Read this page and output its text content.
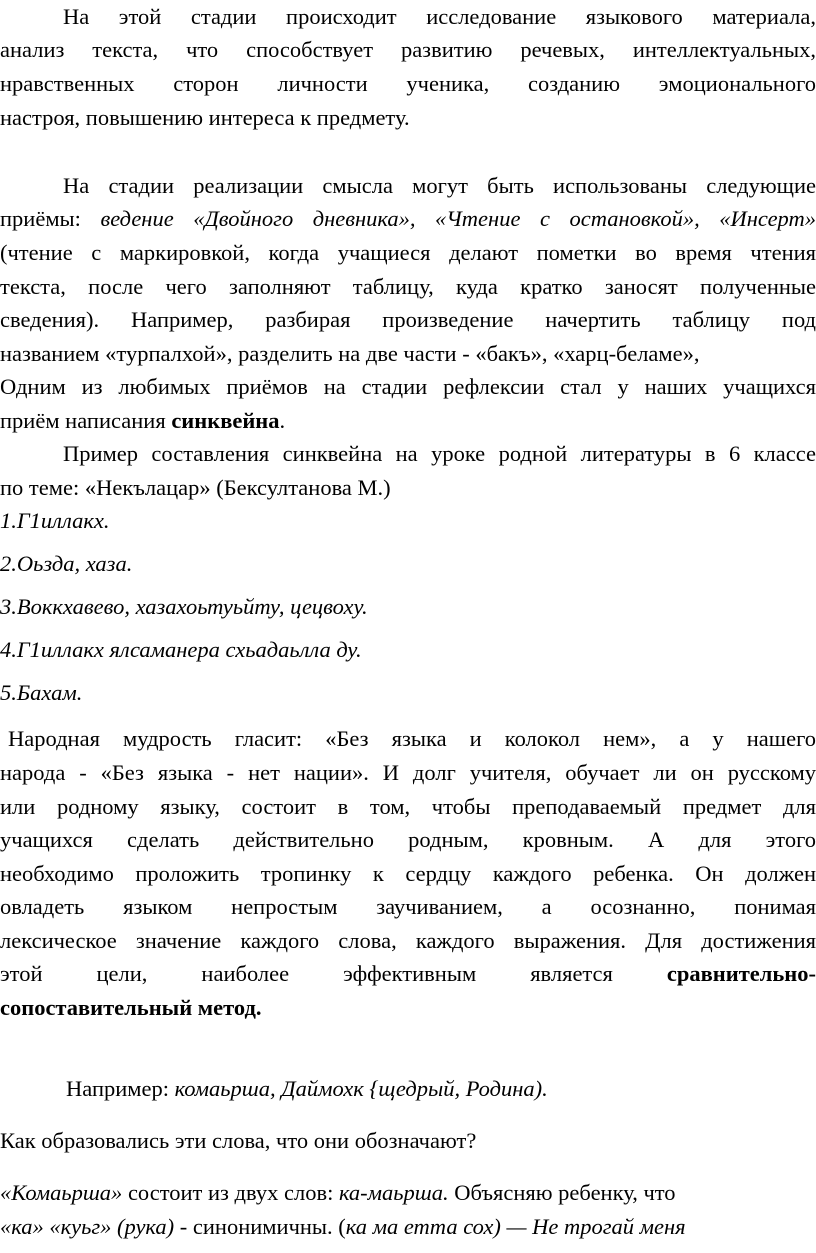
На этой стадии происходит исследование языкового материала,
анализ текста, что способствует развитию речевых, интеллектуальных,
нравственных сторон личности ученика, созданию эмоционального
настроя, повышению интереса к предмету.
На стадии реализации смысла могут быть использованы следующие
приёмы: ведение «Двойного дневника», «Чтение с остановкой», «Инсерт»
(чтение с маркировкой, когда учащиеся делают пометки во время чтения
текста, после чего заполняют таблицу, куда кратко заносят полученные
сведения). Например, разбирая произведение начертить таблицу под
названием «турпалхой», разделить на две части - «бакъ», «харц-беламе»,
Одним из любимых приёмов на стадии рефлексии стал у наших учащихся
приём написания синквейна.
Пример составления синквейна на уроке родной литературы в 6 классе
по теме: «Некълацар» (Бексултанова М.)
1.Г1иллакх.
2.Оьзда, хаза.
3.Воккхавево, хазахоьтуьйту, цецвоху.
4.Г1иллакх ялсаманера схьадаьлла ду.
5.Бахам.
Народная мудрость гласит: «Без языка и колокол нем», а у нашего
народа - «Без языка - нет нации». И долг учителя, обучает ли он русскому
или родному языку, состоит в том, чтобы преподаваемый предмет для
учащихся сделать действительно родным, кровным. А для этого
необходимо проложить тропинку к сердцу каждого ребенка. Он должен
овладеть языком непростым заучиванием, а осознанно, понимая
лексическое значение каждого слова, каждого выражения. Для достижения
этой цели, наиболее эффективным является сравнительно-
сопоставительный метод.
Например: комаьрша, Даймохк {щедрый, Родина).
Как образовались эти слова, что они обозначают?
«Комаьрша» состоит из двух слов: ка-маьрша. Объясняю ребенку, что
«ка» «куьг» (рука) - синонимичны. (ка ма етта сох) — Не трогай меня
